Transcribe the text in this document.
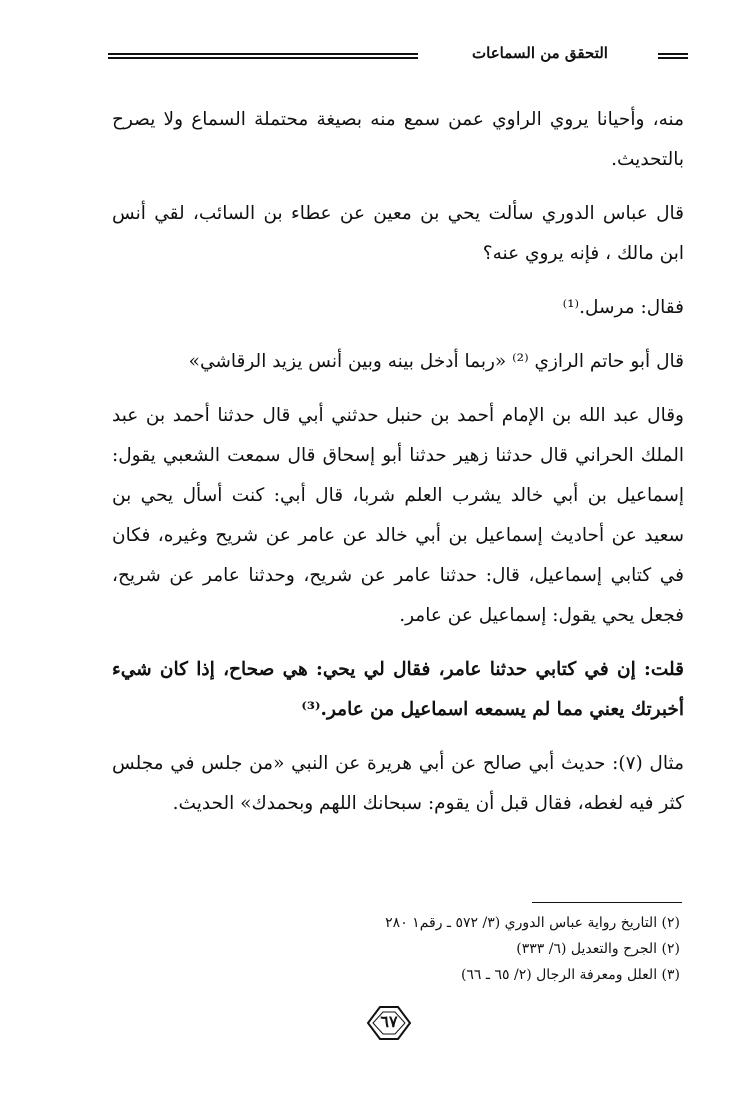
التحقق من السماعات

منه، وأحيانا يروي الراوي عمن سمع منه بصيغة محتملة السماع ولا يصرح بالتحديث.

قال عباس الدوري سألت يحي بن معين عن عطاء بن السائب، لقي أنس ابن مالك ، فإنه يروي عنه؟

فقال: مرسل.⁽¹⁾

قال أبو حاتم الرازي ⁽²⁾ «ربما أدخل بينه وبين أنس يزيد الرقاشي»

وقال عبد الله بن الإمام أحمد بن حنبل حدثني أبي قال حدثنا أحمد بن عبد الملك الحراني قال حدثنا زهير حدثنا أبو إسحاق قال سمعت الشعبي يقول: إسماعيل بن أبي خالد يشرب العلم شربا، قال أبي: كنت أسأل يحي بن سعيد عن أحاديث إسماعيل بن أبي خالد عن عامر عن شريح وغيره، فكان في كتابي إسماعيل، قال: حدثنا عامر عن شريح، وحدثنا عامر عن شريح، فجعل يحي يقول: إسماعيل عن عامر.

قلت: إن في كتابي حدثنا عامر، فقال لي يحي: هي صحاح، إذا كان شيء أخبرتك يعني مما لم يسمعه اسماعيل من عامر.⁽³⁾

مثال (٧): حديث أبي صالح عن أبي هريرة عن النبي «من جلس في مجلس كثر فيه لغطه، فقال قبل أن يقوم: سبحانك اللهم وبحمدك» الحديث.

(٢) التاريخ رواية عباس الدوري (٣/ ٥٧٢ ـ رقم١ ٢٨٠

(٢) الجرح والتعديل (٦/ ٣٣٣)

(٣) العلل ومعرفة الرجال (٢/ ٦٥ ـ ٦٦)

٦٧
